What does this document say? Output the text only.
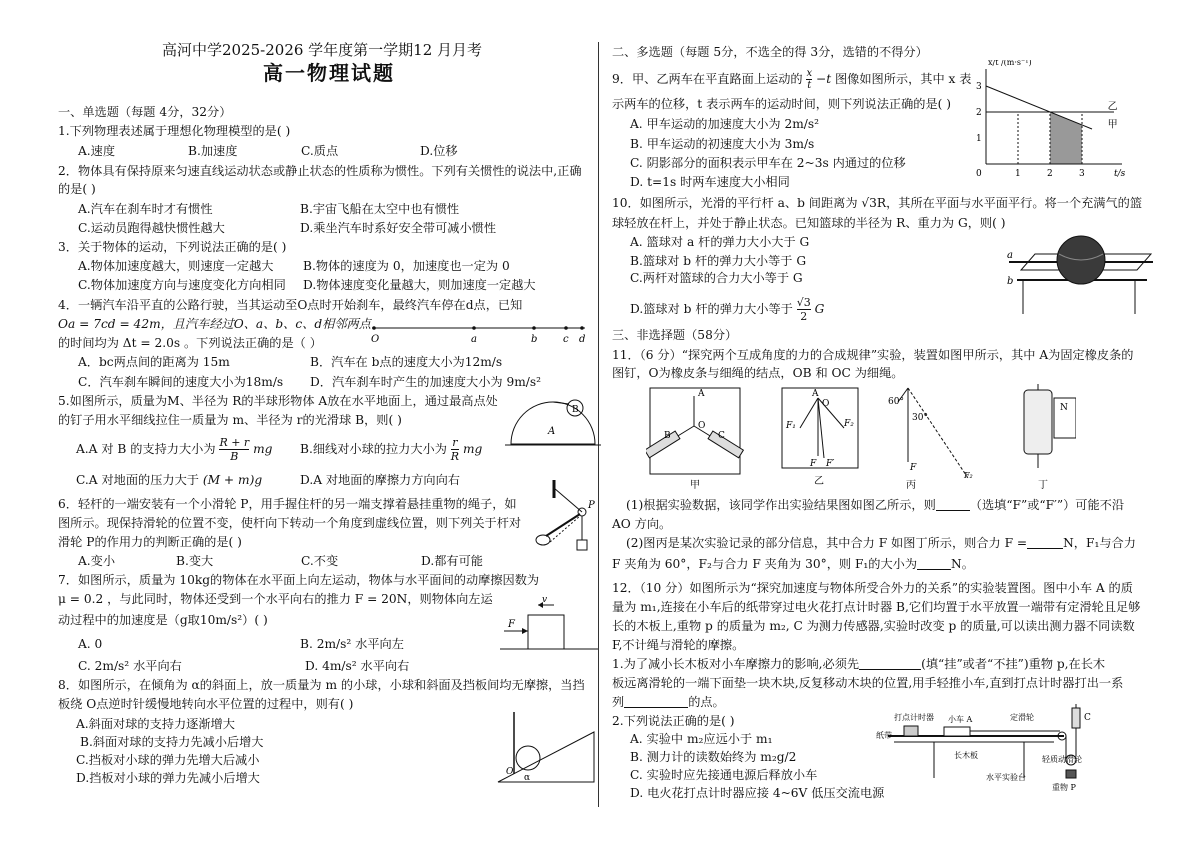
高河中学2025-2026 学年度第一学期12 月月考
高一物理试题
一、单选题（每题 4分，32分）
1.下列物理表述属于理想化物理模型的是( )
A.速度	B.加速度	C.质点	D.位移
2．物体具有保持原来匀速直线运动状态或静止状态的性质称为惯性。下列有关惯性的说法中,正确
的是( )
A.汽车在刹车时才有惯性	B.宇宙飞船在太空中也有惯性
C.运动员跑得越快惯性越大	D.乘坐汽车时系好安全带可减小惯性
3．关于物体的运动，下列说法正确的是( )
A.物体加速度越大，则速度一定越大 B.物体的速度为 0，加速度也一定为 0
C.物体加速度方向与速度变化方向相同 D.物体速度变化量越大，则加速度一定越大
4．一辆汽车沿平直的公路行驶，当其运动至O点时开始刹车，最终汽车停在d点，已知
Oa = 7cd = 42m，且汽车经过O、a、b、c、d相邻两点
的时间均为 Δt = 2.0s 。下列说法正确的是（ ）	O	a	b	c d
A．bc两点间的距离为 15m	B．汽车在 b点的速度大小为12m/s
C．汽车刹车瞬间的速度大小为18m/s D．汽车刹车时产生的加速度大小为 9m/s²
5.如图所示，质量为M、半径为 R的半球形物体 A放在水平地面上，通过最高点处
的钉子用水平细线拉住一质量为 m、半径为 r的光滑球 B，则( )
A.A 对 B 的支持力大小为 $\frac{R + r}{B}$ mg B.细线对小球的拉力大小为 $\frac{r}{R}$ mg
C.A 对地面的压力大于 (M + m)g	D.A 对地面的摩擦力方向向右
B
A
6．轻杆的一端安装有一个小滑轮 P，用手握住杆的另一端支撑着悬挂重物的绳子，如
图所示。现保持滑轮的位置不变，使杆向下转动一个角度到虚线位置，则下列关于杆对
滑轮 P的作用力的判断正确的是( )
A.变小	B.变大	C.不变	D.都有可能
P
7．如图所示，质量为 10kg的物体在水平面上向左运动，物体与水平面间的动摩擦因数为
μ = 0.2 ，与此同时，物体还受到一个水平向右的推力 F = 20N，则物体向左运
动过程中的加速度是（g取10m/s²）( )
A. 0	B. 2m/s² 水平向左
C. 2m/s² 水平向右	D. 4m/s² 水平向右
v
F
8．如图所示，在倾角为 α的斜面上，放一质量为 m 的小球，小球和斜面及挡板间均无摩擦，当挡
板绕 O点逆时针缓慢地转向水平位置的过程中，则有( )
A.斜面对球的支持力逐渐增大
B.斜面对球的支持力先减小后增大
C.挡板对小球的弹力先增大后减小
D.挡板对小球的弹力先减小后增大	O
α
二、多选题（每题 5分，不选全的得 3分，选错的不得分）
9．甲、乙两车在平直路面上运动的 $\frac{x}{t} -t$ 图像如图所示，其中 x 表
示两车的位移，t 表示两车的运动时间，则下列说法正确的是( )
A. 甲车运动的加速度大小为 2m/s²
B. 甲车运动的初速度大小为 3m/s
C. 阴影部分的面积表示甲车在 2~3s 内通过的位移
D. t=1s 时两车速度大小相同
0	t/s
x/t /(m·s⁻¹)
1	2	3
1
2
3
乙
甲
10．如图所示，光滑的平行杆 a、b 间距离为 √3R，其所在平面与水平面平行。将一个充满气的篮
球轻放在杆上，并处于静止状态。已知篮球的半径为 R、重力为 G，则( )
A. 篮球对 a 杆的弹力大小大于 G
B.篮球对 b 杆的弹力大小等于 G
C.两杆对篮球的合力大小等于 G
D.篮球对 b 杆的弹力大小等于 $\frac{√3}{2}$ G
a
b
三、非选择题（58分）
11．（6 分）“探究两个互成角度的力的合成规律”实验，装置如图甲所示，其中 A为固定橡皮条的
图钉，O为橡皮条与细绳的结点，OB 和 OC 为细绳。
A
O
B	C
甲
A
O
F₁	F₂
F F′
乙
60°
30°
F
F₂
丙
N
丁
(1)根据实验数据，该同学作出实验结果图如图乙所示，则	（选填“F”或“F′”）可能不沿
AO 方向。
(2)图丙是某次实验记录的部分信息，其中合力 F 如图丁所示，则合力 F =	N，F₁与合力
F 夹角为 60°，F₂与合力 F 夹角为 30°，则 F₁的大小为	N。
12．（10 分）如图所示为“探究加速度与物体所受合外力的关系”的实验装置图。图中小车 A 的质
量为 m₁,连接在小车后的纸带穿过电火花打点计时器 B,它们均置于水平放置一端带有定滑轮且足够
长的木板上,重物 p 的质量为 m₂, C 为测力传感器,实验时改变 p 的质量,可以读出测力器不同读数
F,不计绳与滑轮的摩擦。
1.为了减小长木板对小车摩擦力的影响,必须先	(填“挂”或者“不挂”)重物 p,在长木
板远离滑轮的一端下面垫一块木块,反复移动木块的位置,用手轻推小车,直到打点计时器打出一系
列	的点。
2.下列说法正确的是( )
A. 实验中 m₂应远小于 m₁
B. 测力计的读数始终为 m₂g/2
C. 实验时应先接通电源后释放小车
D. 电火花打点计时器应接 4~6V 低压交流电源
打点计时器 小车 A	定滑轮
纸带
长木板
水平实验台
轻质动滑轮
重物 P
C
